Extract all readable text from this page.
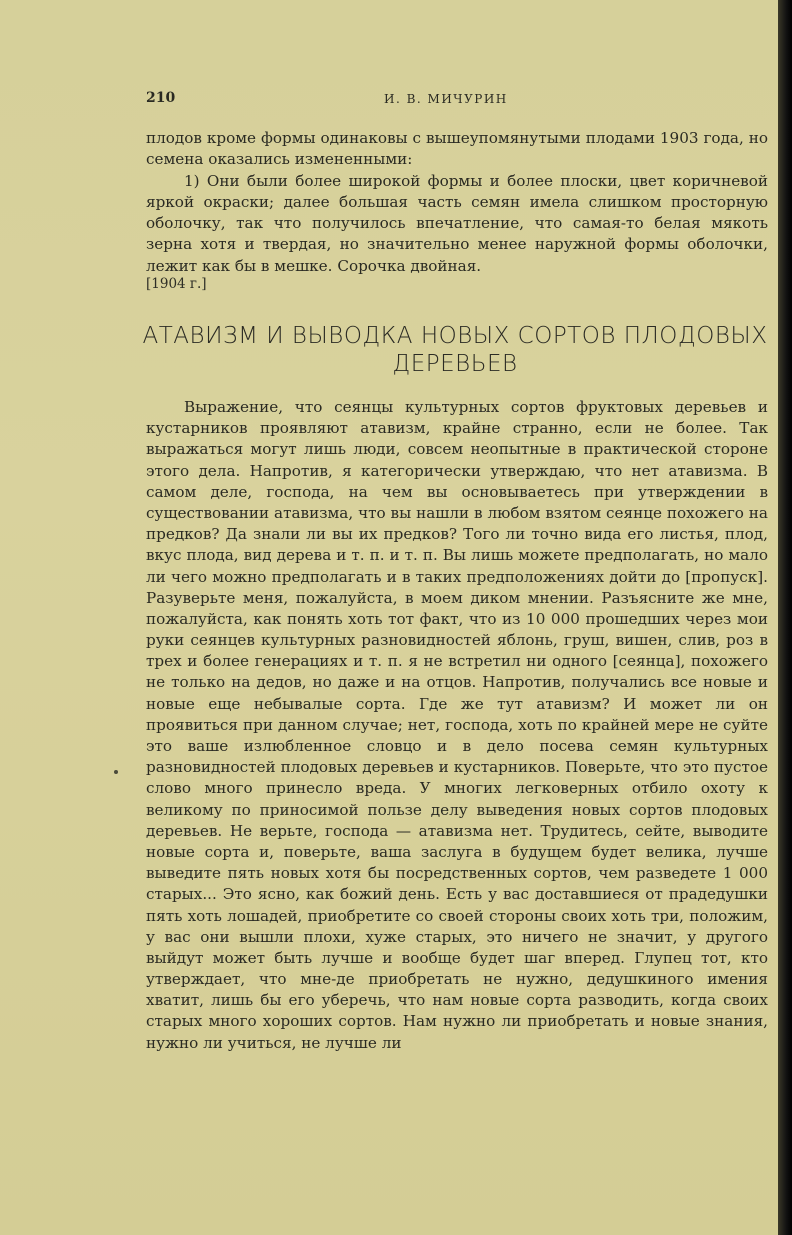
210	И. В. МИЧУРИН

плодов кроме формы одинаковы с вышеупомянутыми плодами 1903 года, но семена оказались измененными:

1) Они были более широкой формы и более плоски, цвет коричневой яркой окраски; далее большая часть семян имела слишком просторную оболочку, так что получилось впечатление, что самая-то белая мякоть зерна хотя и твердая, но значительно менее наружной формы оболочки, лежит как бы в мешке. Сорочка двойная.

[1904 г.]
АТАВИЗМ И ВЫВОДКА НОВЫХ СОРТОВ ПЛОДОВЫХ
ДЕРЕВЬЕВ

Выражение, что сеянцы культурных сортов фруктовых деревьев и кустарников проявляют атавизм, крайне странно, если не более. Так выражаться могут лишь люди, совсем неопытные в практической стороне этого дела. Напротив, я категорически утверждаю, что нет атавизма. В самом деле, господа, на чем вы основываетесь при утверждении в существовании атавизма, что вы нашли в любом взятом сеянце похожего на предков? Да знали ли вы их предков? Того ли точно вида его листья, плод, вкус плода, вид дерева и т. п. и т. п. Вы лишь можете предполагать, но мало ли чего можно предполагать и в таких предположениях дойти до [пропуск]. Разуверьте меня, пожалуйста, в моем диком мнении. Разъясните же мне, пожалуйста, как понять хоть тот факт, что из 10 000 прошедших через мои руки сеянцев культурных разновидностей яблонь, груш, вишен, слив, роз в трех и более генерациях и т. п. я не встретил ни одного [сеянца], похожего не только на дедов, но даже и на отцов. Напротив, получались все новые и новые еще небывалые сорта. Где же тут атавизм? И может ли он проявиться при данном случае; нет, господа, хоть по крайней мере не суйте это ваше излюбленное словцо и в дело посева семян культурных разновидностей плодовых деревьев и кустарников. Поверьте, что это пустое слово много принесло вреда. У многих легковерных отбило охоту к великому по приносимой пользе делу выведения новых сортов плодовых деревьев. Не верьте, господа — атавизма нет. Трудитесь, сейте, выводите новые сорта и, поверьте, ваша заслуга в будущем будет велика, лучше выведите пять новых хотя бы посредственных сортов, чем разведете 1 000 старых... Это ясно, как божий день. Есть у вас доставшиеся от прадедушки пять хоть лошадей, приобретите со своей стороны своих хоть три, положим, у вас они вышли плохи, хуже старых, это ничего не значит, у другого выйдут может быть лучше и вообще будет шаг вперед. Глупец тот, кто утверждает, что мне-де приобретать не нужно, дедушкиного имения хватит, лишь бы его уберечь, что нам новые сорта разводить, когда своих старых много хороших сортов. Нам нужно ли приобретать и новые знания, нужно ли учиться, не лучше ли
